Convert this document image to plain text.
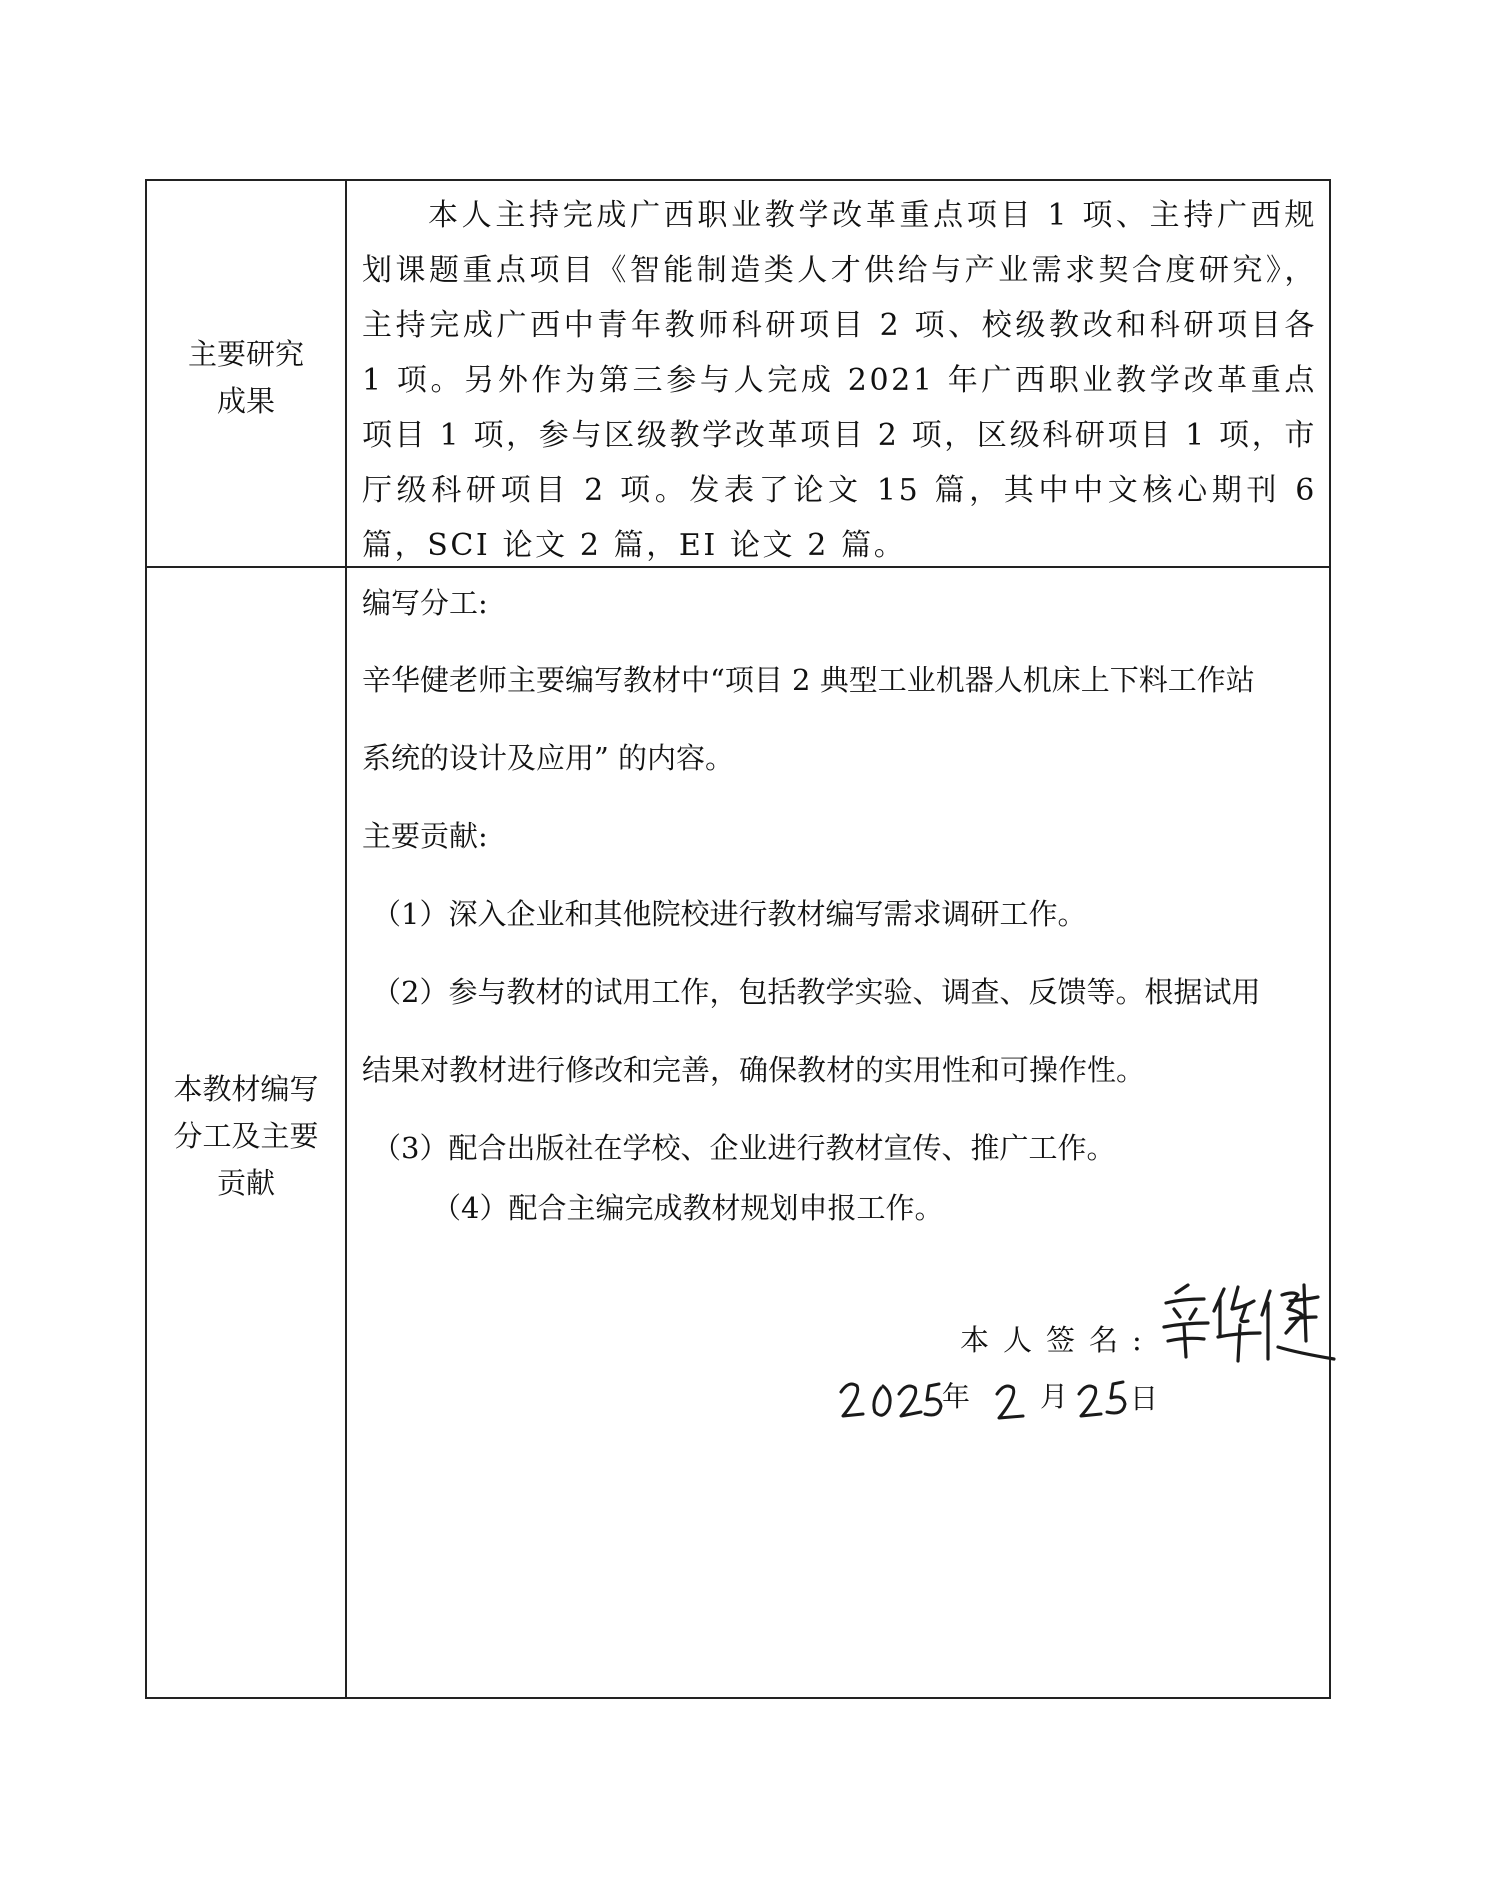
主要研究
成果

本人主持完成广西职业教学改革重点项目 1 项、主持广西规划课题重点项目《智能制造类人才供给与产业需求契合度研究》，主持完成广西中青年教师科研项目 2 项、校级教改和科研项目各 1 项。另外作为第三参与人完成 2021 年广西职业教学改革重点项目 1 项，参与区级教学改革项目 2 项，区级科研项目 1 项，市厅级科研项目 2 项。发表了论文 15 篇，其中中文核心期刊 6 篇，SCI 论文 2 篇，EI 论文 2 篇。

本教材编写
分工及主要
贡献
编写分工:
辛华健老师主要编写教材中“项目 2 典型工业机器人机床上下料工作站
系统的设计及应用” 的内容。
主要贡献:
（1）深入企业和其他院校进行教材编写需求调研工作。
（2）参与教材的试用工作，包括教学实验、调查、反馈等。根据试用
结果对教材进行修改和完善，确保教材的实用性和可操作性。
（3）配合出版社在学校、企业进行教材宣传、推广工作。
（4）配合主编完成教材规划申报工作。
本人签名:
年 月 日
